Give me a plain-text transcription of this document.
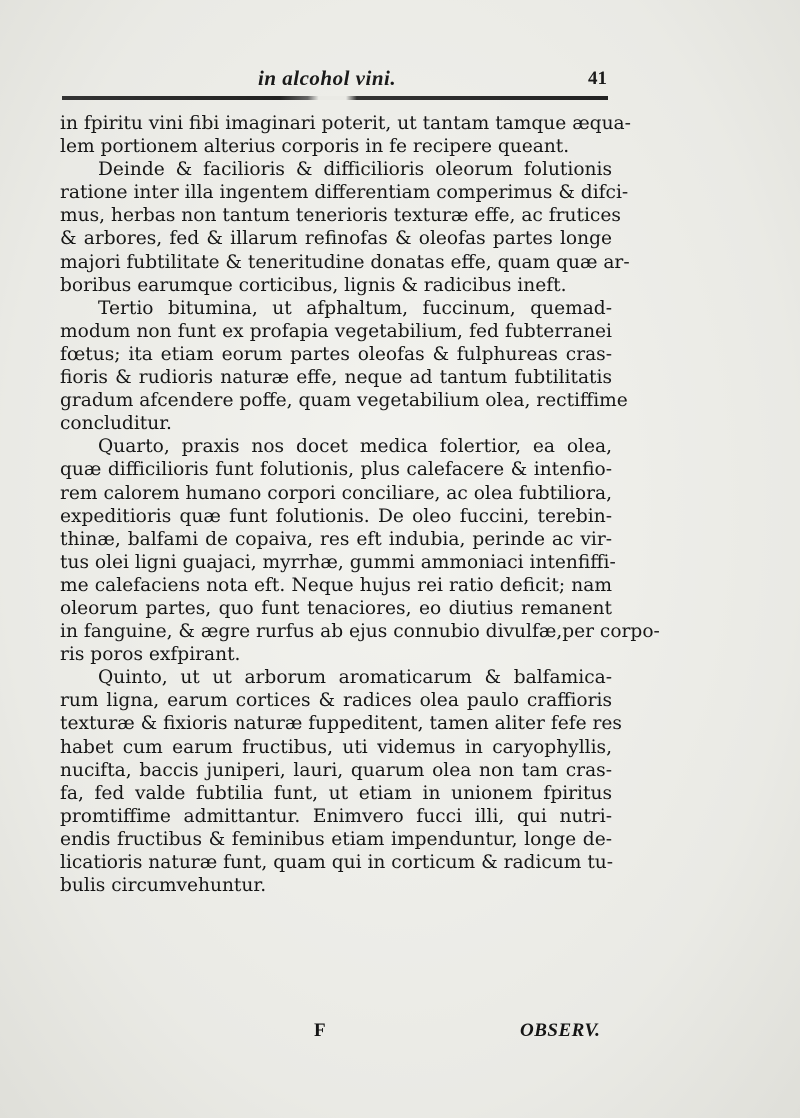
in alcohol vini.	41
in fpiritu vini fibi imaginari poterit, ut tantam tamque æqua-
lem portionem alterius corporis in fe recipere queant.
Deinde & facilioris & difficilioris oleorum folutionis
ratione inter illa ingentem differentiam comperimus & difci-
mus, herbas non tantum tenerioris texturæ effe, ac frutices
& arbores, fed & illarum refinofas & oleofas partes longe
majori fubtilitate & teneritudine donatas effe, quam quæ ar-
boribus earumque corticibus, lignis & radicibus ineft.
Tertio bitumina, ut afphaltum, fuccinum, quemad-
modum non funt ex profapia vegetabilium, fed fubterranei
fœtus; ita etiam eorum partes oleofas & fulphureas cras-
fioris & rudioris naturæ effe, neque ad tantum fubtilitatis
gradum afcendere poffe, quam vegetabilium olea, rectiffime
concluditur.
Quarto, praxis nos docet medica folertior, ea olea,
quæ difficilioris funt folutionis, plus calefacere & intenfio-
rem calorem humano corpori conciliare, ac olea fubtiliora,
expeditioris quæ funt folutionis. De oleo fuccini, terebin-
thinæ, balfami de copaiva, res eft indubia, perinde ac vir-
tus olei ligni guajaci, myrrhæ, gummi ammoniaci intenfiffi-
me calefaciens nota eft. Neque hujus rei ratio deficit; nam
oleorum partes, quo funt tenaciores, eo diutius remanent
in fanguine, & ægre rurfus ab ejus connubio divulfæ,per corpo-
ris poros exfpirant.
Quinto, ut ut arborum aromaticarum & balfamica-
rum ligna, earum cortices & radices olea paulo craffioris
texturæ & fixioris naturæ fuppeditent, tamen aliter fefe res
habet cum earum fructibus, uti videmus in caryophyllis,
nucifta, baccis juniperi, lauri, quarum olea non tam cras-
fa, fed valde fubtilia funt, ut etiam in unionem fpiritus
promtiffime admittantur. Enimvero fucci illi, qui nutri-
endis fructibus & feminibus etiam impenduntur, longe de-
licatioris naturæ funt, quam qui in corticum & radicum tu-
bulis circumvehuntur.
F	OBSERV.
